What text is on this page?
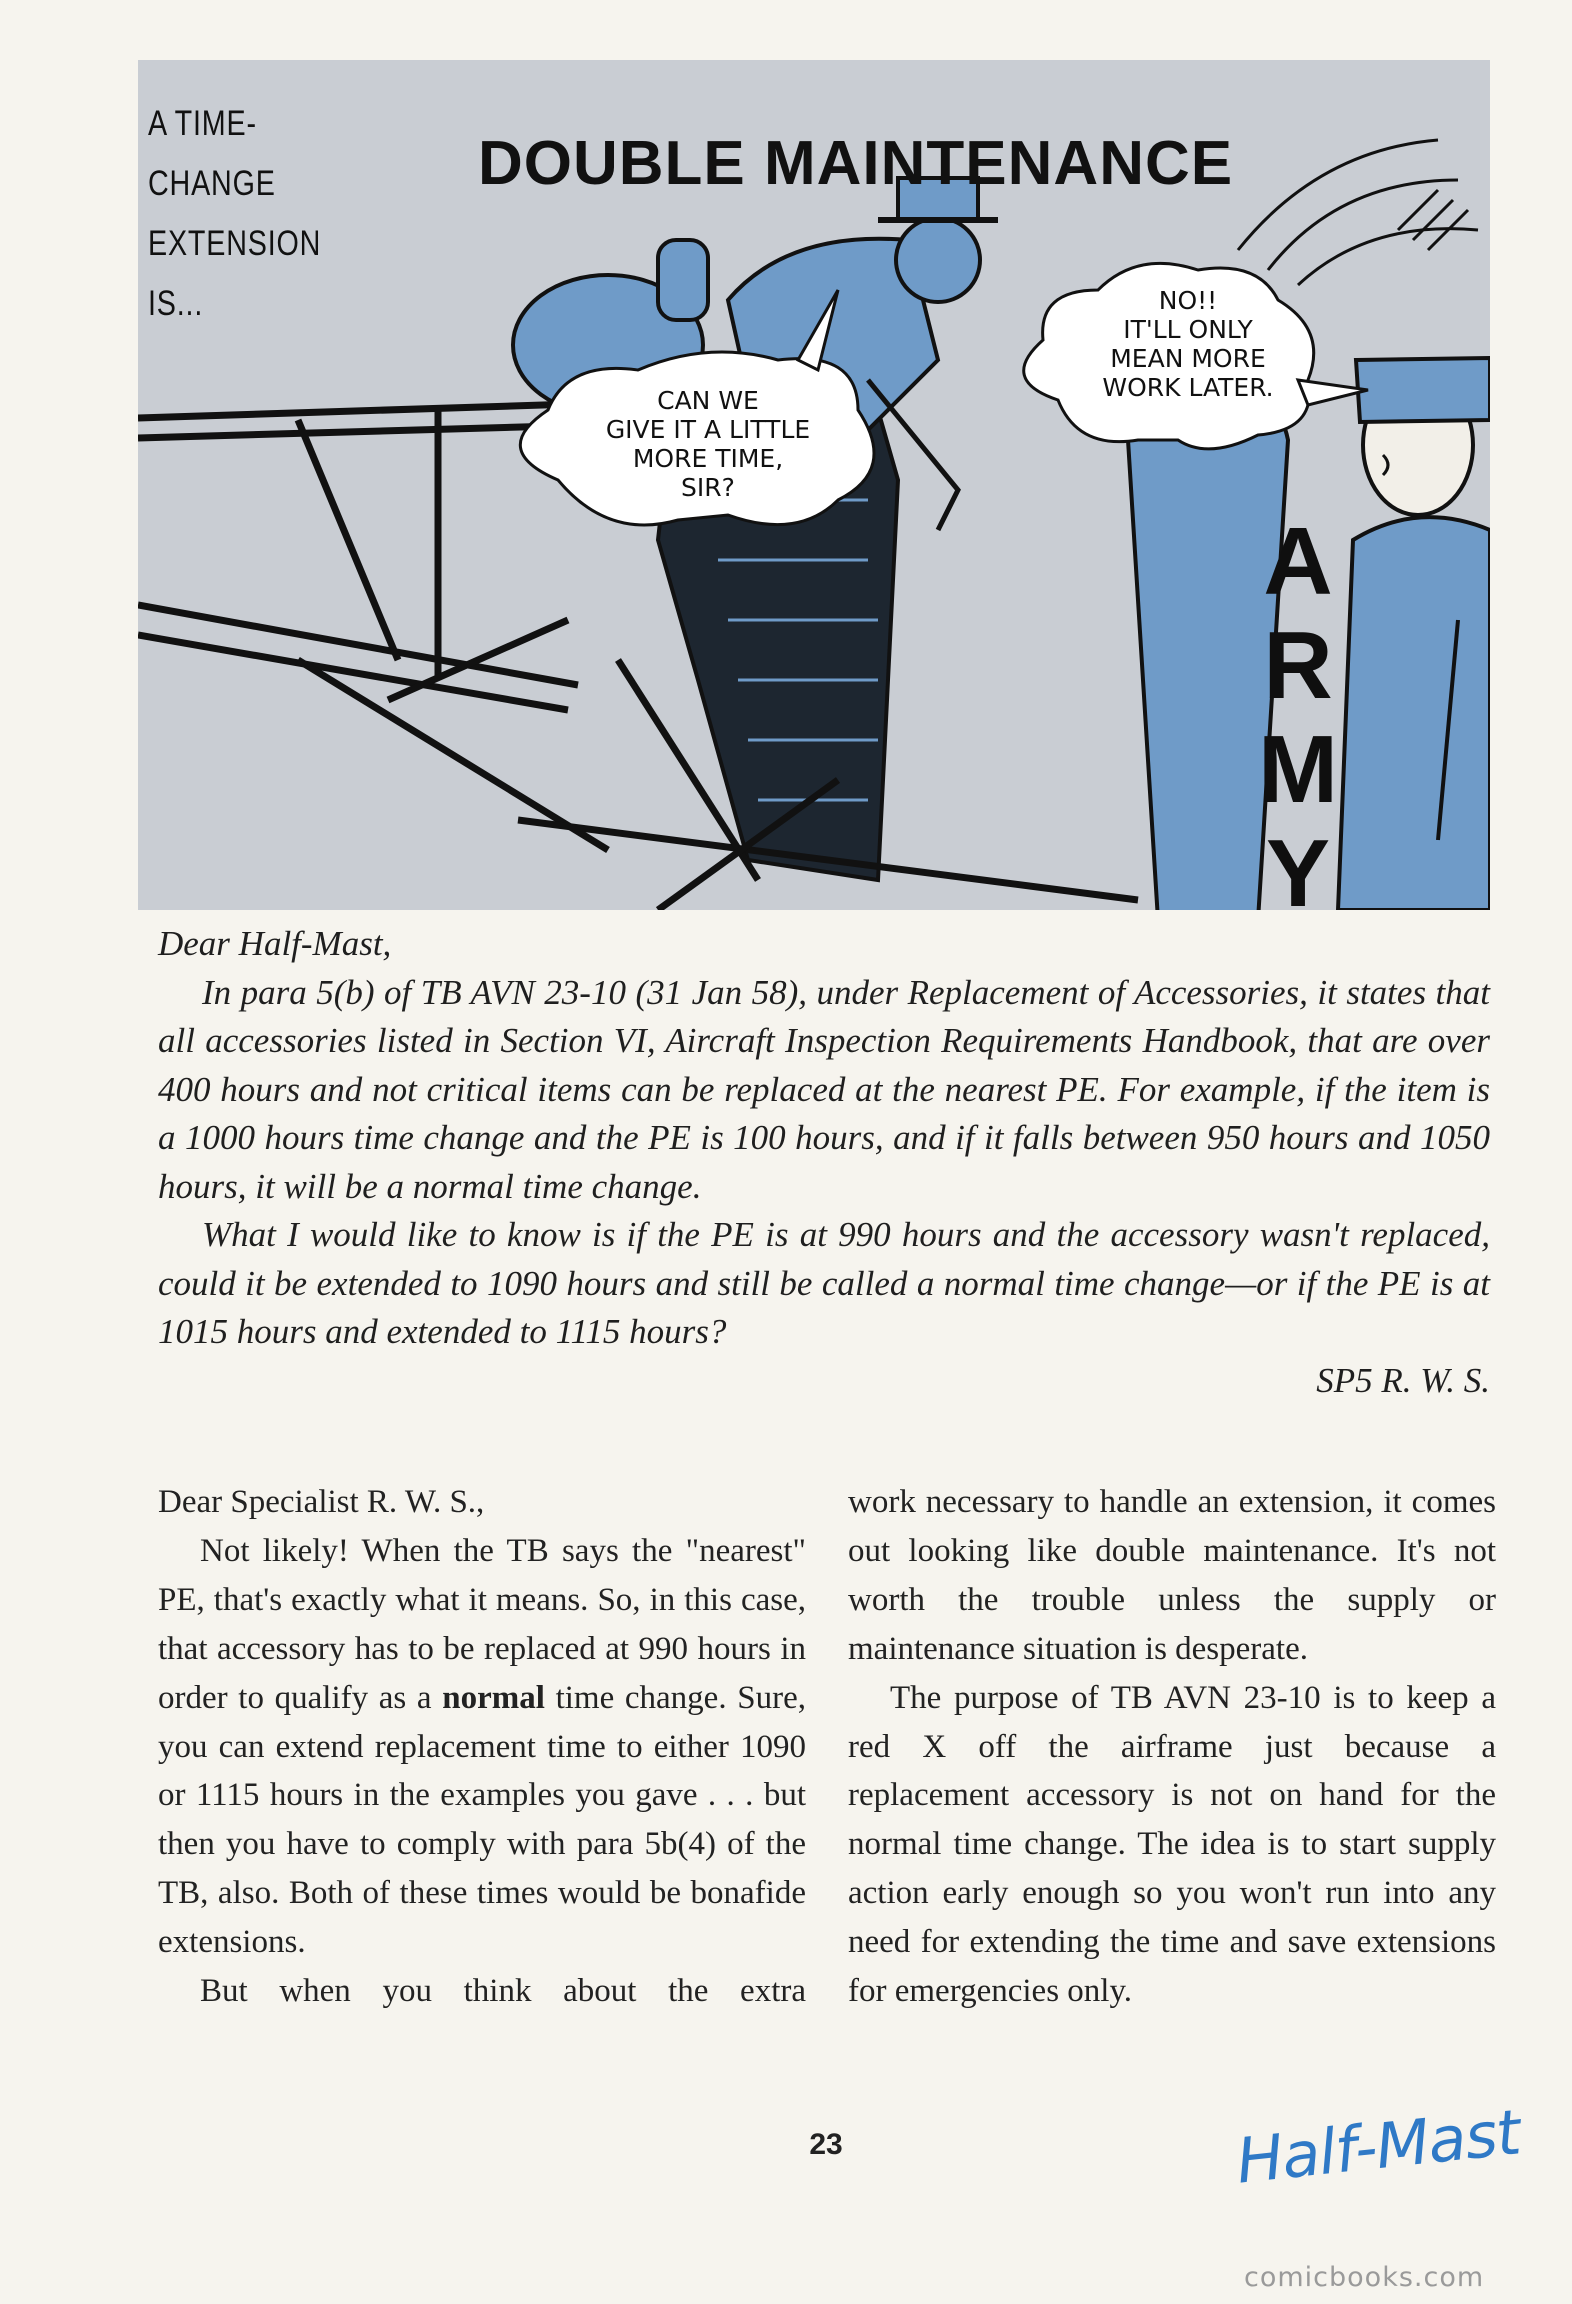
A TIME-CHANGE
EXTENSION IS...
DOUBLE MAINTENANCE
CAN WE
GIVE IT A LITTLE
MORE TIME,
SIR?
NO!!
IT'LL ONLY
MEAN MORE
WORK LATER.
A
R
M
Y

Dear Half-Mast,

In para 5(b) of TB AVN 23-10 (31 Jan 58), under Replacement of Accessories, it states that all accessories listed in Section VI, Aircraft Inspection Requirements Handbook, that are over 400 hours and not critical items can be replaced at the nearest PE. For example, if the item is a 1000 hours time change and the PE is 100 hours, and if it falls between 950 hours and 1050 hours, it will be a normal time change.

What I would like to know is if the PE is at 990 hours and the accessory wasn't replaced, could it be extended to 1090 hours and still be called a normal time change—or if the PE is at 1015 hours and extended to 1115 hours?

SP5 R. W. S.

Dear Specialist R. W. S.,

Not likely! When the TB says the "nearest" PE, that's exactly what it means. So, in this case, that accessory has to be replaced at 990 hours in order to qualify as a normal time change. Sure, you can extend replacement time to either 1090 or 1115 hours in the examples you gave . . . but then you have to comply with para 5b(4) of the TB, also. Both of these times would be bonafide extensions.

But when you think about the extra

work necessary to handle an extension, it comes out looking like double maintenance. It's not worth the trouble unless the supply or maintenance situation is desperate.

The purpose of TB AVN 23-10 is to keep a red X off the airframe just because a replacement accessory is not on hand for the normal time change. The idea is to start supply action early enough so you won't run into any need for extending the time and save extensions for emergencies only.

23	Half-Mast
comicbooks.com
